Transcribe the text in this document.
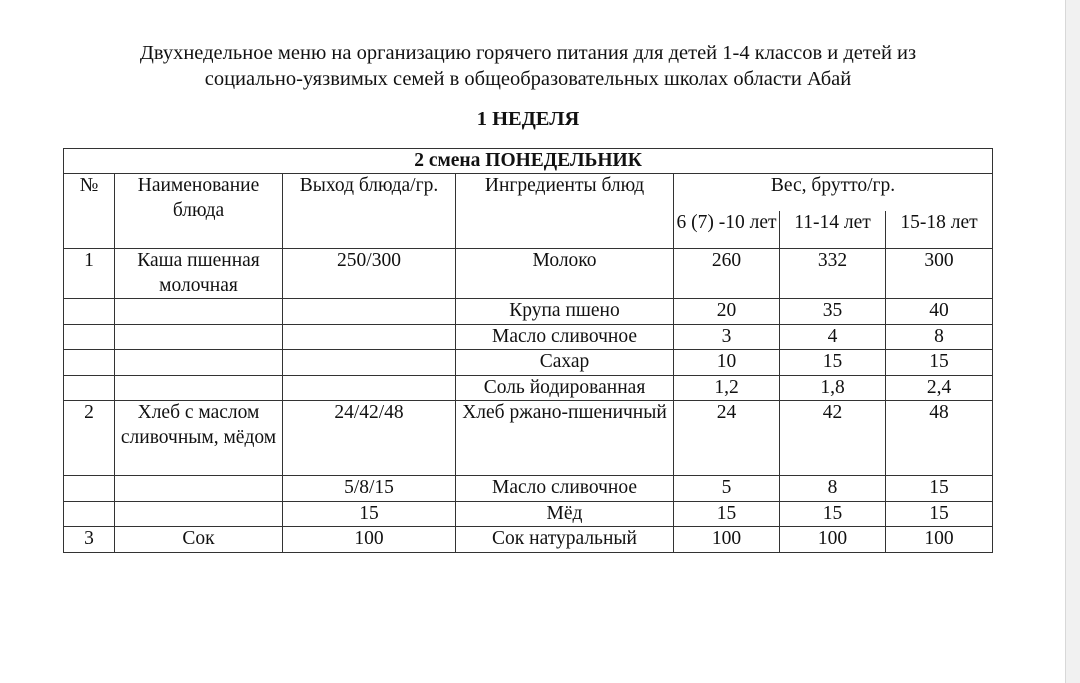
Двухнедельное меню на организацию горячего питания для детей 1-4 классов и детей из
социально-уязвимых семей в общеобразовательных школах области Абай
1 НЕДЕЛЯ
2 смена ПОНЕДЕЛЬНИК						
№	Наименование блюда	Выход блюда/гр.	Ингредиенты блюд	Вес, брутто/гр.		
				6 (7) -10 лет	11-14 лет	15-18 лет
1	Каша пшенная молочная	250/300	Молоко	260	332	300
			Крупа пшено	20	35	40
			Масло сливочное	3	4	8
			Сахар	10	15	15
			Соль йодированная	1,2	1,8	2,4
2	Хлеб с маслом сливочным, мёдом	24/42/48	Хлеб ржано-пшеничный	24	42	48
		5/8/15	Масло сливочное	5	8	15
		15	Мёд	15	15	15
3	Сок	100	Сок натуральный	100	100	100
